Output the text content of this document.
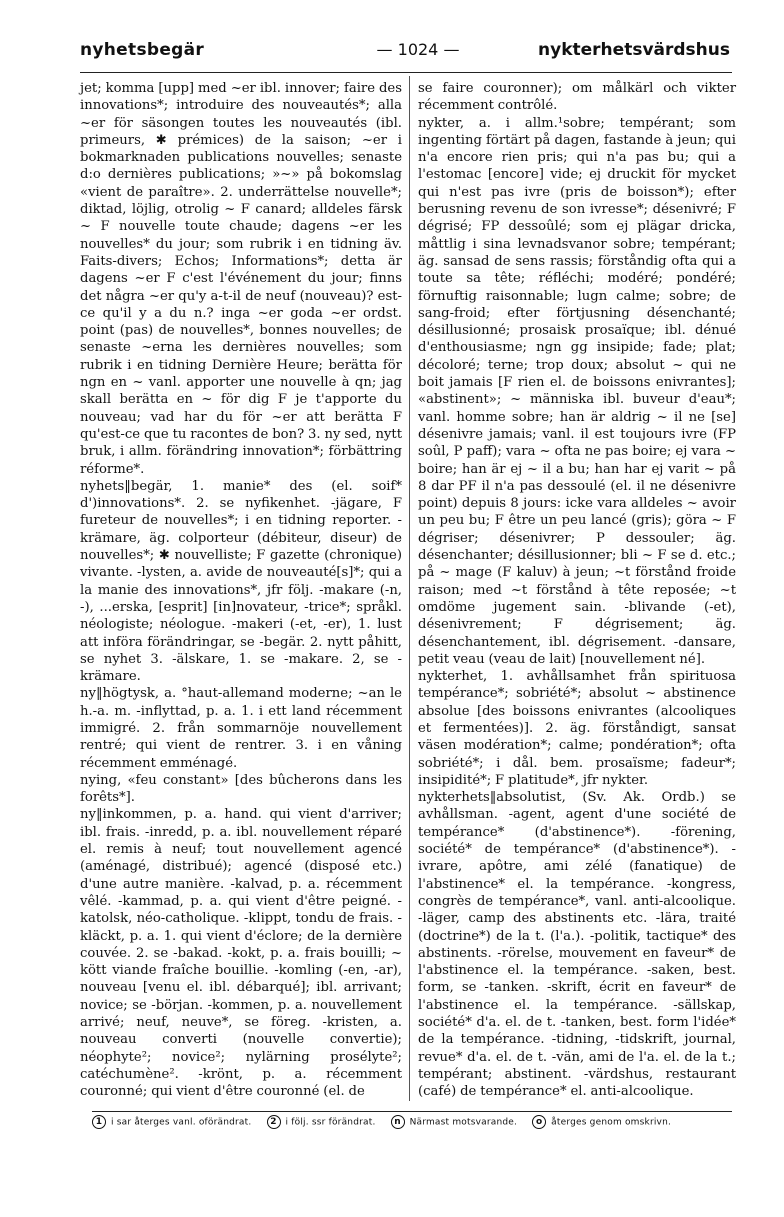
nyhetsbegär	— 1024 —	nykterhetsvärdshus
jet; komma [upp] med ~er ibl. innover; faire des innovations*; introduire des nouveautés*; alla ~er för säsongen toutes les nouveautés (ibl. primeurs, ✱ prémices) de la saison; ~er i bokmarknaden publications nouvelles; senaste d:o dernières publications; »~» på bokomslag «vient de paraître». 2. underrättelse nouvelle*; diktad, löjlig, otrolig ~ F canard; alldeles färsk ~ F nouvelle toute chaude; dagens ~er les nouvelles* du jour; som rubrik i en tidning äv. Faits-divers; Echos; Informations*; detta är dagens ~er F c'est l'événement du jour; finns det några ~er qu'y a-t-il de neuf (nouveau)? est-ce qu'il y a du n.? inga ~er goda ~er ordst. point (pas) de nouvelles*, bonnes nouvelles; de senaste ~erna les dernières nouvelles; som rubrik i en tidning Dernière Heure; berätta för ngn en ~ vanl. apporter une nouvelle à qn; jag skall berätta en ~ för dig F je t'apporte du nouveau; vad har du för ~er att berätta F qu'est-ce que tu racontes de bon? 3. ny sed, nytt bruk, i allm. förändring innovation*; förbättring réforme*.
nyhets‖begär, 1. manie* des (el. soif* d')innovations*. 2. se nyfikenhet. -jägare, F fureteur de nouvelles*; i en tidning reporter. -krämare, äg. colporteur (débiteur, diseur) de nouvelles*; ✱ nouvelliste; F gazette (chronique) vivante. -lysten, a. avide de nouveauté[s]*; qui a la manie des innovations*, jfr följ. -makare (-n, -), ...erska, [esprit] [in]novateur, -trice*; språkl. néologiste; néologue. -makeri (-et, -er), 1. lust att införa förändringar, se -begär. 2. nytt påhitt, se nyhet 3. -älskare, 1. se -makare. 2, se -krämare.
ny‖högtysk, a. °haut-allemand moderne; ~an le h.-a. m. -inflyttad, p. a. 1. i ett land récemment immigré. 2. från sommarnöje nouvellement rentré; qui vient de rentrer. 3. i en våning récemment emménagé.
nying, «feu constant» [des bûcherons dans les forêts*].
ny‖inkommen, p. a. hand. qui vient d'arriver; ibl. frais. -inredd, p. a. ibl. nouvellement réparé el. remis à neuf; tout nouvellement agencé (aménagé, distribué); agencé (disposé etc.) d'une autre manière. -kalvad, p. a. récemment vêlé. -kammad, p. a. qui vient d'être peigné. -katolsk, néo-catholique. -klippt, tondu de frais. -kläckt, p. a. 1. qui vient d'éclore; de la dernière couvée. 2. se -bakad. -kokt, p. a. frais bouilli; ~ kött viande fraîche bouillie. -komling (-en, -ar), nouveau [venu el. ibl. débarqué]; ibl. arrivant; novice; se -början. -kommen, p. a. nouvellement arrivé; neuf, neuve*, se föreg. -kristen, a. nouveau converti (nouvelle convertie); néophyte²; novice²; nylärning prosélyte²; catéchumène². -krönt, p. a. récemment couronné; qui vient d'être couronné (el. de
se faire couronner); om målkärl och vikter récemment contrôlé.
nykter, a. i allm.¹sobre; tempérant; som ingenting förtärt på dagen, fastande à jeun; qui n'a encore rien pris; qui n'a pas bu; qui a l'estomac [encore] vide; ej druckit för mycket qui n'est pas ivre (pris de boisson*); efter berusning revenu de son ivresse*; désenivré; F dégrisé; FP dessoûlé; som ej plägar dricka, måttlig i sina levnadsvanor sobre; tempérant; äg. sansad de sens rassis; förståndig ofta qui a toute sa tête; réfléchi; modéré; pondéré; förnuftig raisonnable; lugn calme; sobre; de sang-froid; efter förtjusning désenchanté; désillusionné; prosaisk prosaïque; ibl. dénué d'enthousiasme; ngn gg insipide; fade; plat; décoloré; terne; trop doux; absolut ~ qui ne boit jamais [F rien el. de boissons enivrantes]; «abstinent»; ~ människa ibl. buveur d'eau*; vanl. homme sobre; han är aldrig ~ il ne [se] désenivre jamais; vanl. il est toujours ivre (FP soûl, P paff); vara ~ ofta ne pas boire; ej vara ~ boire; han är ej ~ il a bu; han har ej varit ~ på 8 dar PF il n'a pas dessoulé (el. il ne désenivre point) depuis 8 jours: icke vara alldeles ~ avoir un peu bu; F être un peu lancé (gris); göra ~ F dégriser; désenivrer; P dessouler; äg. désenchanter; désillusionner; bli ~ F se d. etc.; på ~ mage (F kaluv) à jeun; ~t förstånd froide raison; med ~t förstånd à tête reposée; ~t omdöme jugement sain. -blivande (-et), désenivrement; F dégrisement; äg. désenchantement, ibl. dégrisement. -dansare, petit veau (veau de lait) [nouvellement né].
nykterhet, 1. avhållsamhet från spirituosa tempérance*; sobriété*; absolut ~ abstinence absolue [des boissons enivrantes (alcooliques et fermentées)]. 2. äg. förståndigt, sansat väsen modération*; calme; pondération*; ofta sobriété*; i dål. bem. prosaïsme; fadeur*; insipidité*; F platitude*, jfr nykter.
nykterhets‖absolutist, (Sv. Ak. Ordb.) se avhållsman. -agent, agent d'une société de tempérance* (d'abstinence*). -förening, société* de tempérance* (d'abstinence*). -ivrare, apôtre, ami zélé (fanatique) de l'abstinence* el. la tempérance. -kongress, congrès de tempérance*, vanl. anti-alcoolique. -läger, camp des abstinents etc. -lära, traité (doctrine*) de la t. (l'a.). -politik, tactique* des abstinents. -rörelse, mouvement en faveur* de l'abstinence el. la tempérance. -saken, best. form, se -tanken. -skrift, écrit en faveur* de l'abstinence el. la tempérance. -sällskap, société* d'a. el. de t. -tanken, best. form l'idée* de la tempérance. -tidning, -tidskrift, journal, revue* d'a. el. de t. -vän, ami de l'a. el. de la t.; tempérant; abstinent. -värdshus, restaurant (café) de tempérance* el. anti-alcoolique.
1 i sar återges vanl. oförändrat. 2 i följ. ssr förändrat. n Närmast motsvarande. o återges genom omskrivn.
